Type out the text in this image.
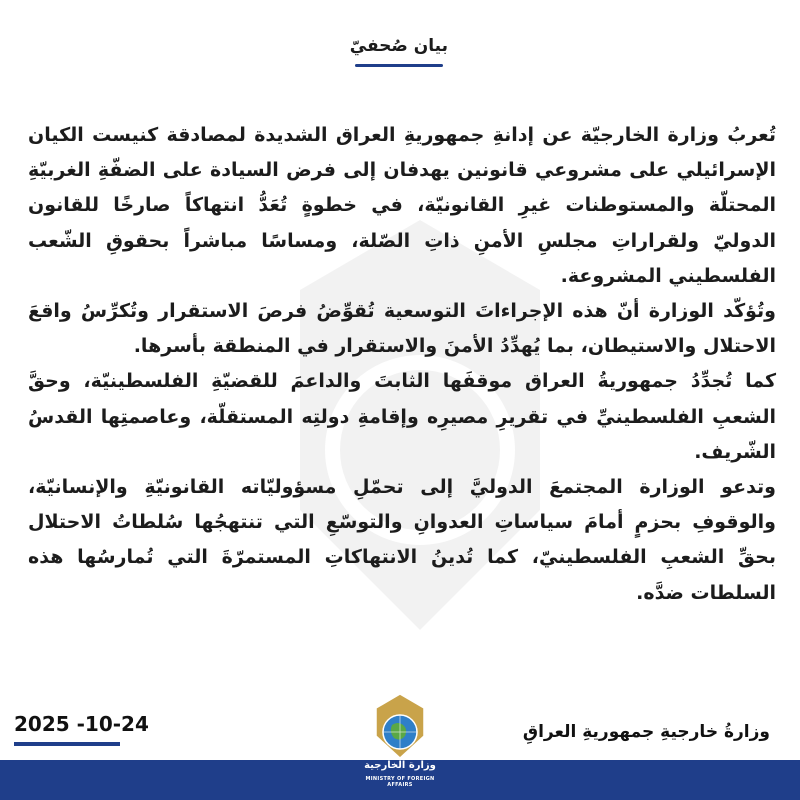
بيان صُحفيّ

تُعربُ وزارة الخارجيّة عن إدانةِ جمهوريةِ العراق الشديدة لمصادقة كنيست الكيان الإسرائيلي على مشروعي قانونين يهدفان إلى فرض السيادة على الضفّةِ الغربيّةِ المحتلّة والمستوطنات غيرِ القانونيّة، في خطوةٍ تُعَدُّ انتهاكاً صارخًا للقانون الدوليّ ولقراراتِ مجلسِ الأمنِ ذاتِ الصّلة، ومساسًا مباشراً بحقوقِ الشّعب الفلسطيني المشروعة.

وتُؤكّد الوزارة أنّ هذه الإجراءاتَ التوسعية تُقوِّضُ فرصَ الاستقرار وتُكرِّسُ واقعَ الاحتلال والاستيطان، بما يُهدِّدُ الأمنَ والاستقرار في المنطقة بأسرها.

كما تُجدِّدُ جمهوريةُ العراق موقفَها الثابتَ والداعمَ للقضيّةِ الفلسطينيّة، وحقَّ الشعبِ الفلسطينيِّ في تقريرِ مصيرِه وإقامةِ دولتِه المستقلّة، وعاصمتِها القدسُ الشّريف.

وتدعو الوزارة المجتمعَ الدوليَّ إلى تحمّلِ مسؤوليّاته القانونيّةِ والإنسانيّة، والوقوفِ بحزمٍ أمامَ سياساتِ العدوانِ والتوسّعِ التي تنتهجُها سُلطاتُ الاحتلال بحقِّ الشعبِ الفلسطينيّ، كما تُدينُ الانتهاكاتِ المستمرّةَ التي تُمارسُها هذه السلطات ضدَّه.

2025 -10-24	وزارةُ خارجيةِ جمهوريةِ العراقِ
وزارة الخارجية
MINISTRY OF FOREIGN AFFAIRS
